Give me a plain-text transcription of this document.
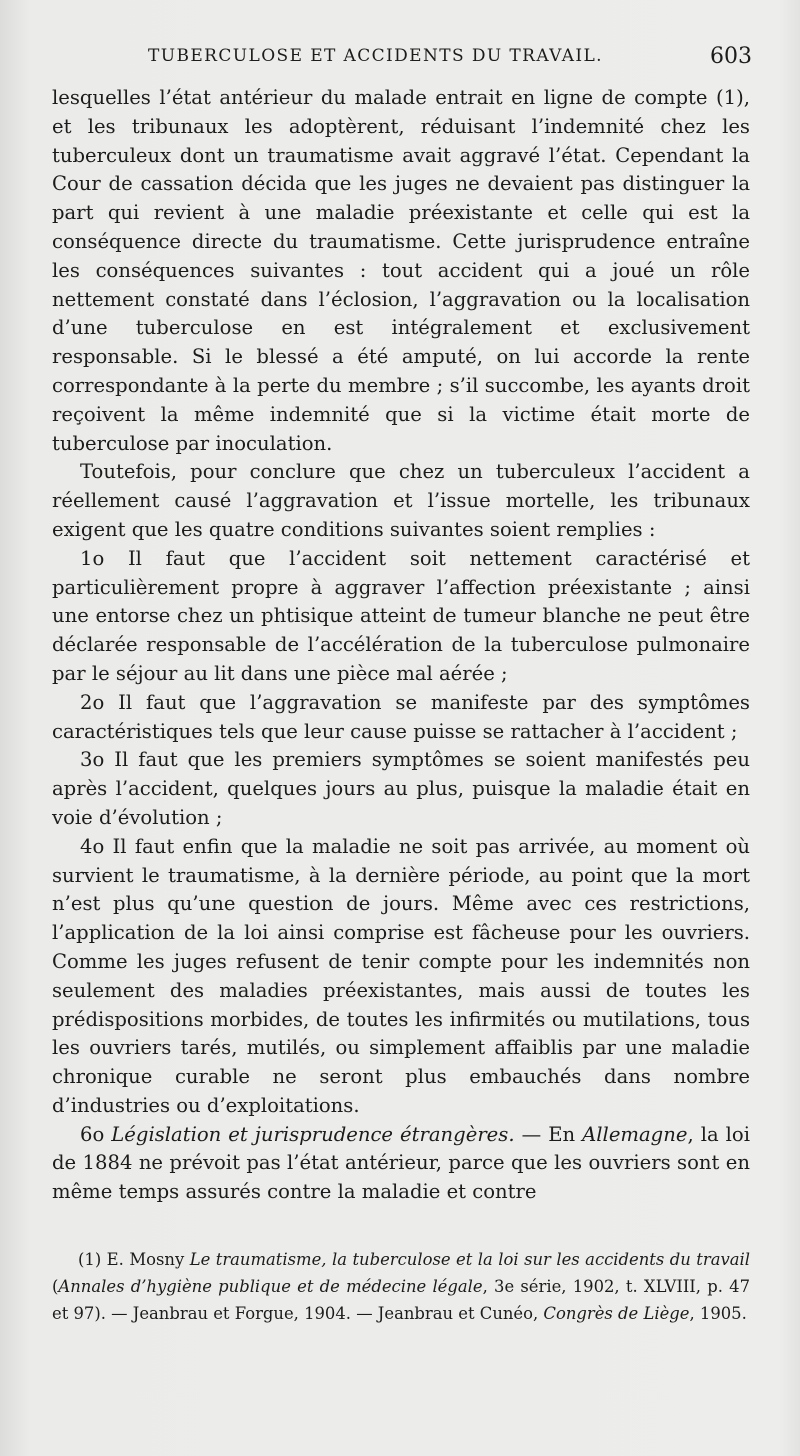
TUBERCULOSE ET ACCIDENTS DU TRAVAIL.	603

lesquelles l’état antérieur du malade entrait en ligne de compte (1), et les tribunaux les adoptèrent, réduisant l’indemnité chez les tuberculeux dont un traumatisme avait aggravé l’état. Cependant la Cour de cassation décida que les juges ne devaient pas distinguer la part qui revient à une maladie préexistante et celle qui est la conséquence directe du traumatisme. Cette jurisprudence entraîne les conséquences suivantes : tout accident qui a joué un rôle nettement constaté dans l’éclosion, l’aggravation ou la localisation d’une tuberculose en est intégralement et exclusivement responsable. Si le blessé a été amputé, on lui accorde la rente correspondante à la perte du membre ; s’il succombe, les ayants droit reçoivent la même indemnité que si la victime était morte de tuberculose par inoculation.

Toutefois, pour conclure que chez un tuberculeux l’accident a réellement causé l’aggravation et l’issue mortelle, les tribunaux exigent que les quatre conditions suivantes soient remplies :

1o Il faut que l’accident soit nettement caractérisé et particulièrement propre à aggraver l’affection préexistante ; ainsi une entorse chez un phtisique atteint de tumeur blanche ne peut être déclarée responsable de l’accélération de la tuberculose pulmonaire par le séjour au lit dans une pièce mal aérée ;

2o Il faut que l’aggravation se manifeste par des symptômes caractéristiques tels que leur cause puisse se rattacher à l’accident ;

3o Il faut que les premiers symptômes se soient manifestés peu après l’accident, quelques jours au plus, puisque la maladie était en voie d’évolution ;

4o Il faut enfin que la maladie ne soit pas arrivée, au moment où survient le traumatisme, à la dernière période, au point que la mort n’est plus qu’une question de jours. Même avec ces restrictions, l’application de la loi ainsi comprise est fâcheuse pour les ouvriers. Comme les juges refusent de tenir compte pour les indemnités non seulement des maladies préexistantes, mais aussi de toutes les prédispositions morbides, de toutes les infirmités ou mutilations, tous les ouvriers tarés, mutilés, ou simplement affaiblis par une maladie chronique curable ne seront plus embauchés dans nombre d’industries ou d’exploitations.

6o Législation et jurisprudence étrangères. — En Allemagne, la loi de 1884 ne prévoit pas l’état antérieur, parce que les ouvriers sont en même temps assurés contre la maladie et contre

(1) E. Mosny Le traumatisme, la tuberculose et la loi sur les accidents du travail (Annales d’hygiène publique et de médecine légale, 3e série, 1902, t. XLVIII, p. 47 et 97). — Jeanbrau et Forgue, 1904. — Jeanbrau et Cunéo, Congrès de Liège, 1905.
